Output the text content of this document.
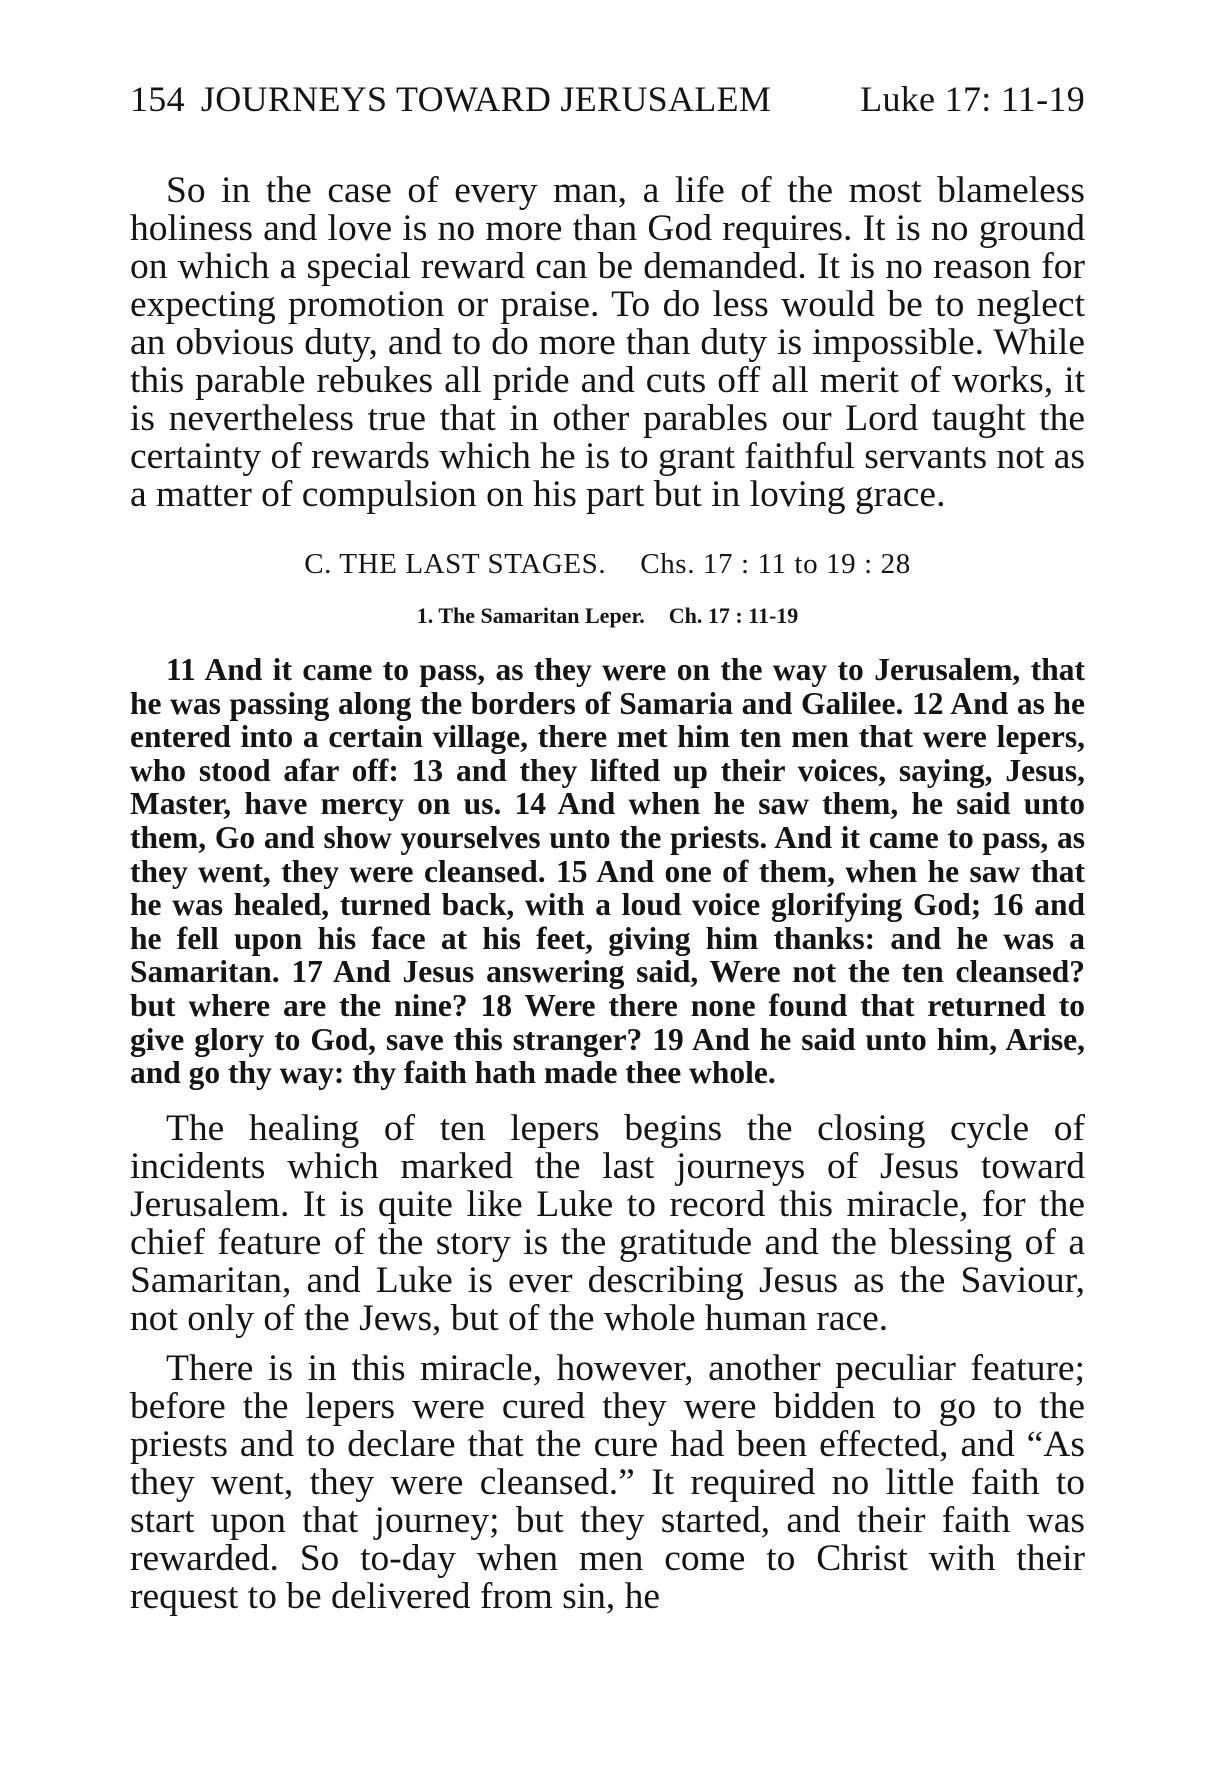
154 JOURNEYS TOWARD JERUSALEM Luke 17: 11-19

So in the case of every man, a life of the most blameless holiness and love is no more than God requires. It is no ground on which a special reward can be demanded. It is no reason for expecting promotion or praise. To do less would be to neglect an obvious duty, and to do more than duty is impossible. While this parable rebukes all pride and cuts off all merit of works, it is nevertheless true that in other parables our Lord taught the certainty of rewards which he is to grant faithful servants not as a matter of compulsion on his part but in loving grace.

C. THE LAST STAGES. Chs. 17 : 11 to 19 : 28
1. The Samaritan Leper. Ch. 17 : 11-19

11 And it came to pass, as they were on the way to Jerusalem, that he was passing along the borders of Samaria and Galilee. 12 And as he entered into a certain village, there met him ten men that were lepers, who stood afar off: 13 and they lifted up their voices, saying, Jesus, Master, have mercy on us. 14 And when he saw them, he said unto them, Go and show yourselves unto the priests. And it came to pass, as they went, they were cleansed. 15 And one of them, when he saw that he was healed, turned back, with a loud voice glorifying God; 16 and he fell upon his face at his feet, giving him thanks: and he was a Samaritan. 17 And Jesus answering said, Were not the ten cleansed? but where are the nine? 18 Were there none found that returned to give glory to God, save this stranger? 19 And he said unto him, Arise, and go thy way: thy faith hath made thee whole.

The healing of ten lepers begins the closing cycle of incidents which marked the last journeys of Jesus toward Jerusalem. It is quite like Luke to record this miracle, for the chief feature of the story is the gratitude and the blessing of a Samaritan, and Luke is ever describing Jesus as the Saviour, not only of the Jews, but of the whole human race.

There is in this miracle, however, another peculiar feature; before the lepers were cured they were bidden to go to the priests and to declare that the cure had been effected, and “As they went, they were cleansed.” It required no little faith to start upon that journey; but they started, and their faith was rewarded. So to-day when men come to Christ with their request to be delivered from sin, he
